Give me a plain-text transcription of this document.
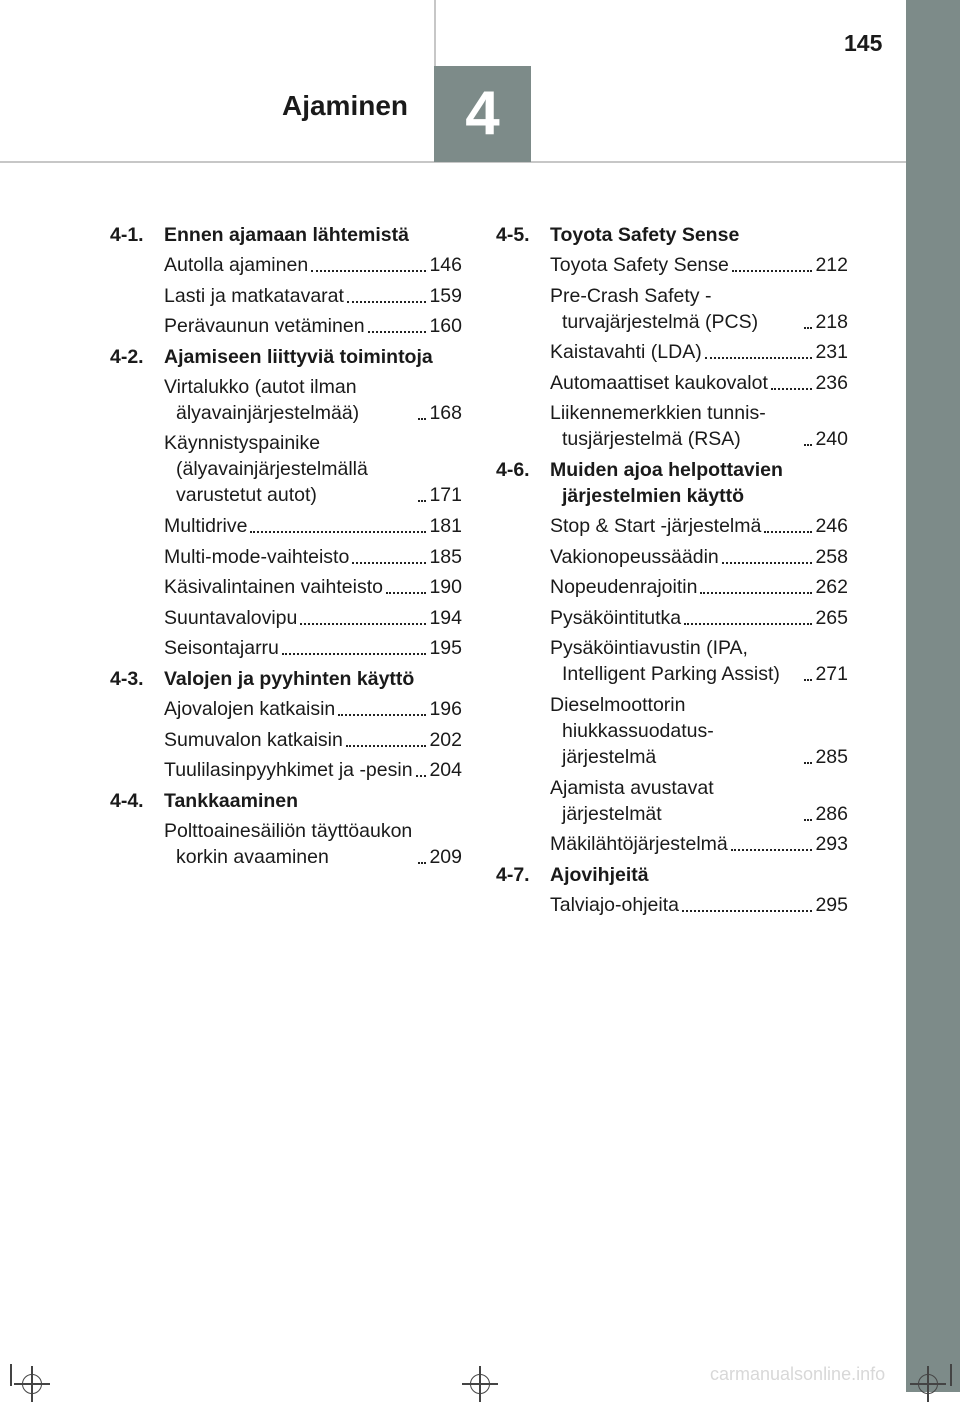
4
Ajaminen
145
4-1.	Ennen ajamaan lähtemistä
Autolla ajaminen	146
Lasti ja matkatavarat	159
Perävaunun vetäminen	160
4-2.	Ajamiseen liittyviä toimintoja
Virtalukko (autot ilman älyavainjärjestelmää)	168
Käynnistyspainike (älyavainjärjestelmällä varustetut autot)	171
Multidrive	181
Multi-mode-vaihteisto	185
Käsivalintainen vaihteisto 190
Suuntavalovipu	194
Seisontajarru	195
4-3.	Valojen ja pyyhinten käyttö
Ajovalojen katkaisin	196
Sumuvalon katkaisin	202
Tuulilasinpyyhkimet ja -pesin 204
4-4.	Tankkaaminen
Polttoainesäiliön täyttöaukon korkin avaaminen	209
4-5.	Toyota Safety Sense
Toyota Safety Sense	212
Pre-Crash Safety -turvajärjestelmä (PCS)	218
Kaistavahti (LDA)	231
Automaattiset kaukovalot 236
Liikennemerkkien tunnis-tusjärjestelmä (RSA)	240
4-6.	Muiden ajoa helpottavien järjestelmien käyttö
Stop & Start -järjestelmä	246
Vakionopeussäädin	258
Nopeudenrajoitin	262
Pysäköintitutka	265
Pysäköintiavustin (IPA, Intelligent Parking Assist)	271
Dieselmoottorin hiukkassuodatus-järjestelmä	285
Ajamista avustavat järjestelmät	286
Mäkilähtöjärjestelmä	293
4-7.	Ajovihjeitä
Talviajo-ohjeita	295
carmanualsonline.info
